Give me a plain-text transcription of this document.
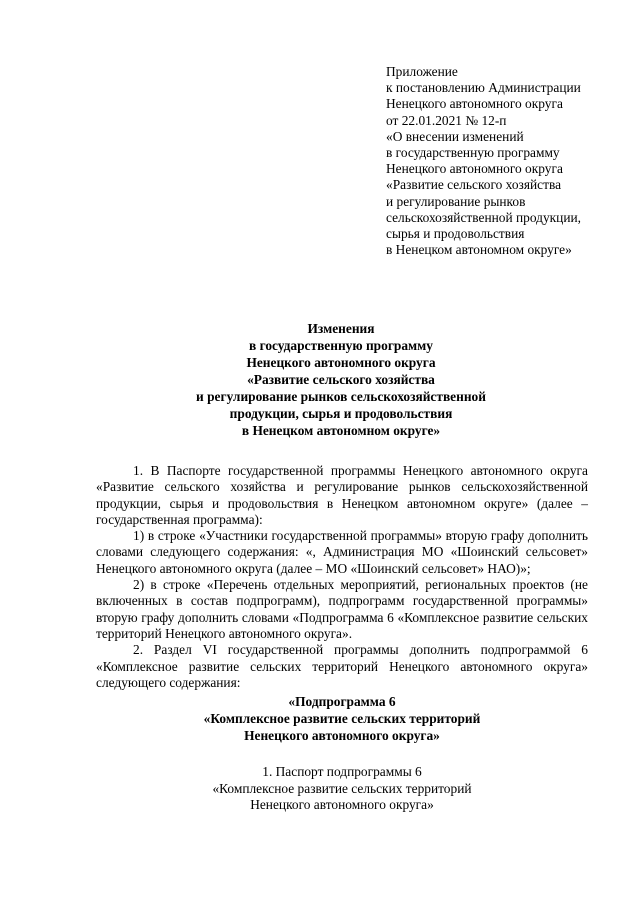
Приложение
к постановлению Администрации
Ненецкого автономного округа
от 22.01.2021 № 12-п
«О внесении изменений
в государственную программу
Ненецкого автономного округа
«Развитие сельского хозяйства
и регулирование рынков
сельскохозяйственной продукции,
сырья и продовольствия
в Ненецком автономном округе»
Изменения
в государственную программу
Ненецкого автономного округа
«Развитие сельского хозяйства
и регулирование рынков сельскохозяйственной
продукции, сырья и продовольствия
в Ненецком автономном округе»

1. В Паспорте государственной программы Ненецкого автономного округа «Развитие сельского хозяйства и регулирование рынков сельскохозяйственной продукции, сырья и продовольствия в Ненецком автономном округе» (далее – государственная программа):

1) в строке «Участники государственной программы» вторую графу дополнить словами следующего содержания: «, Администрация МО «Шоинский сельсовет» Ненецкого автономного округа (далее – МО «Шоинский сельсовет» НАО)»;

2) в строке «Перечень отдельных мероприятий, региональных проектов (не включенных в состав подпрограмм), подпрограмм государственной программы» вторую графу дополнить словами «Подпрограмма 6 «Комплексное развитие сельских территорий Ненецкого автономного округа».

2. Раздел VI государственной программы дополнить подпрограммой 6 «Комплексное развитие сельских территорий Ненецкого автономного округа» следующего содержания:

«Подпрограмма 6
«Комплексное развитие сельских территорий
Ненецкого автономного округа»
1. Паспорт подпрограммы 6
«Комплексное развитие сельских территорий
Ненецкого автономного округа»
